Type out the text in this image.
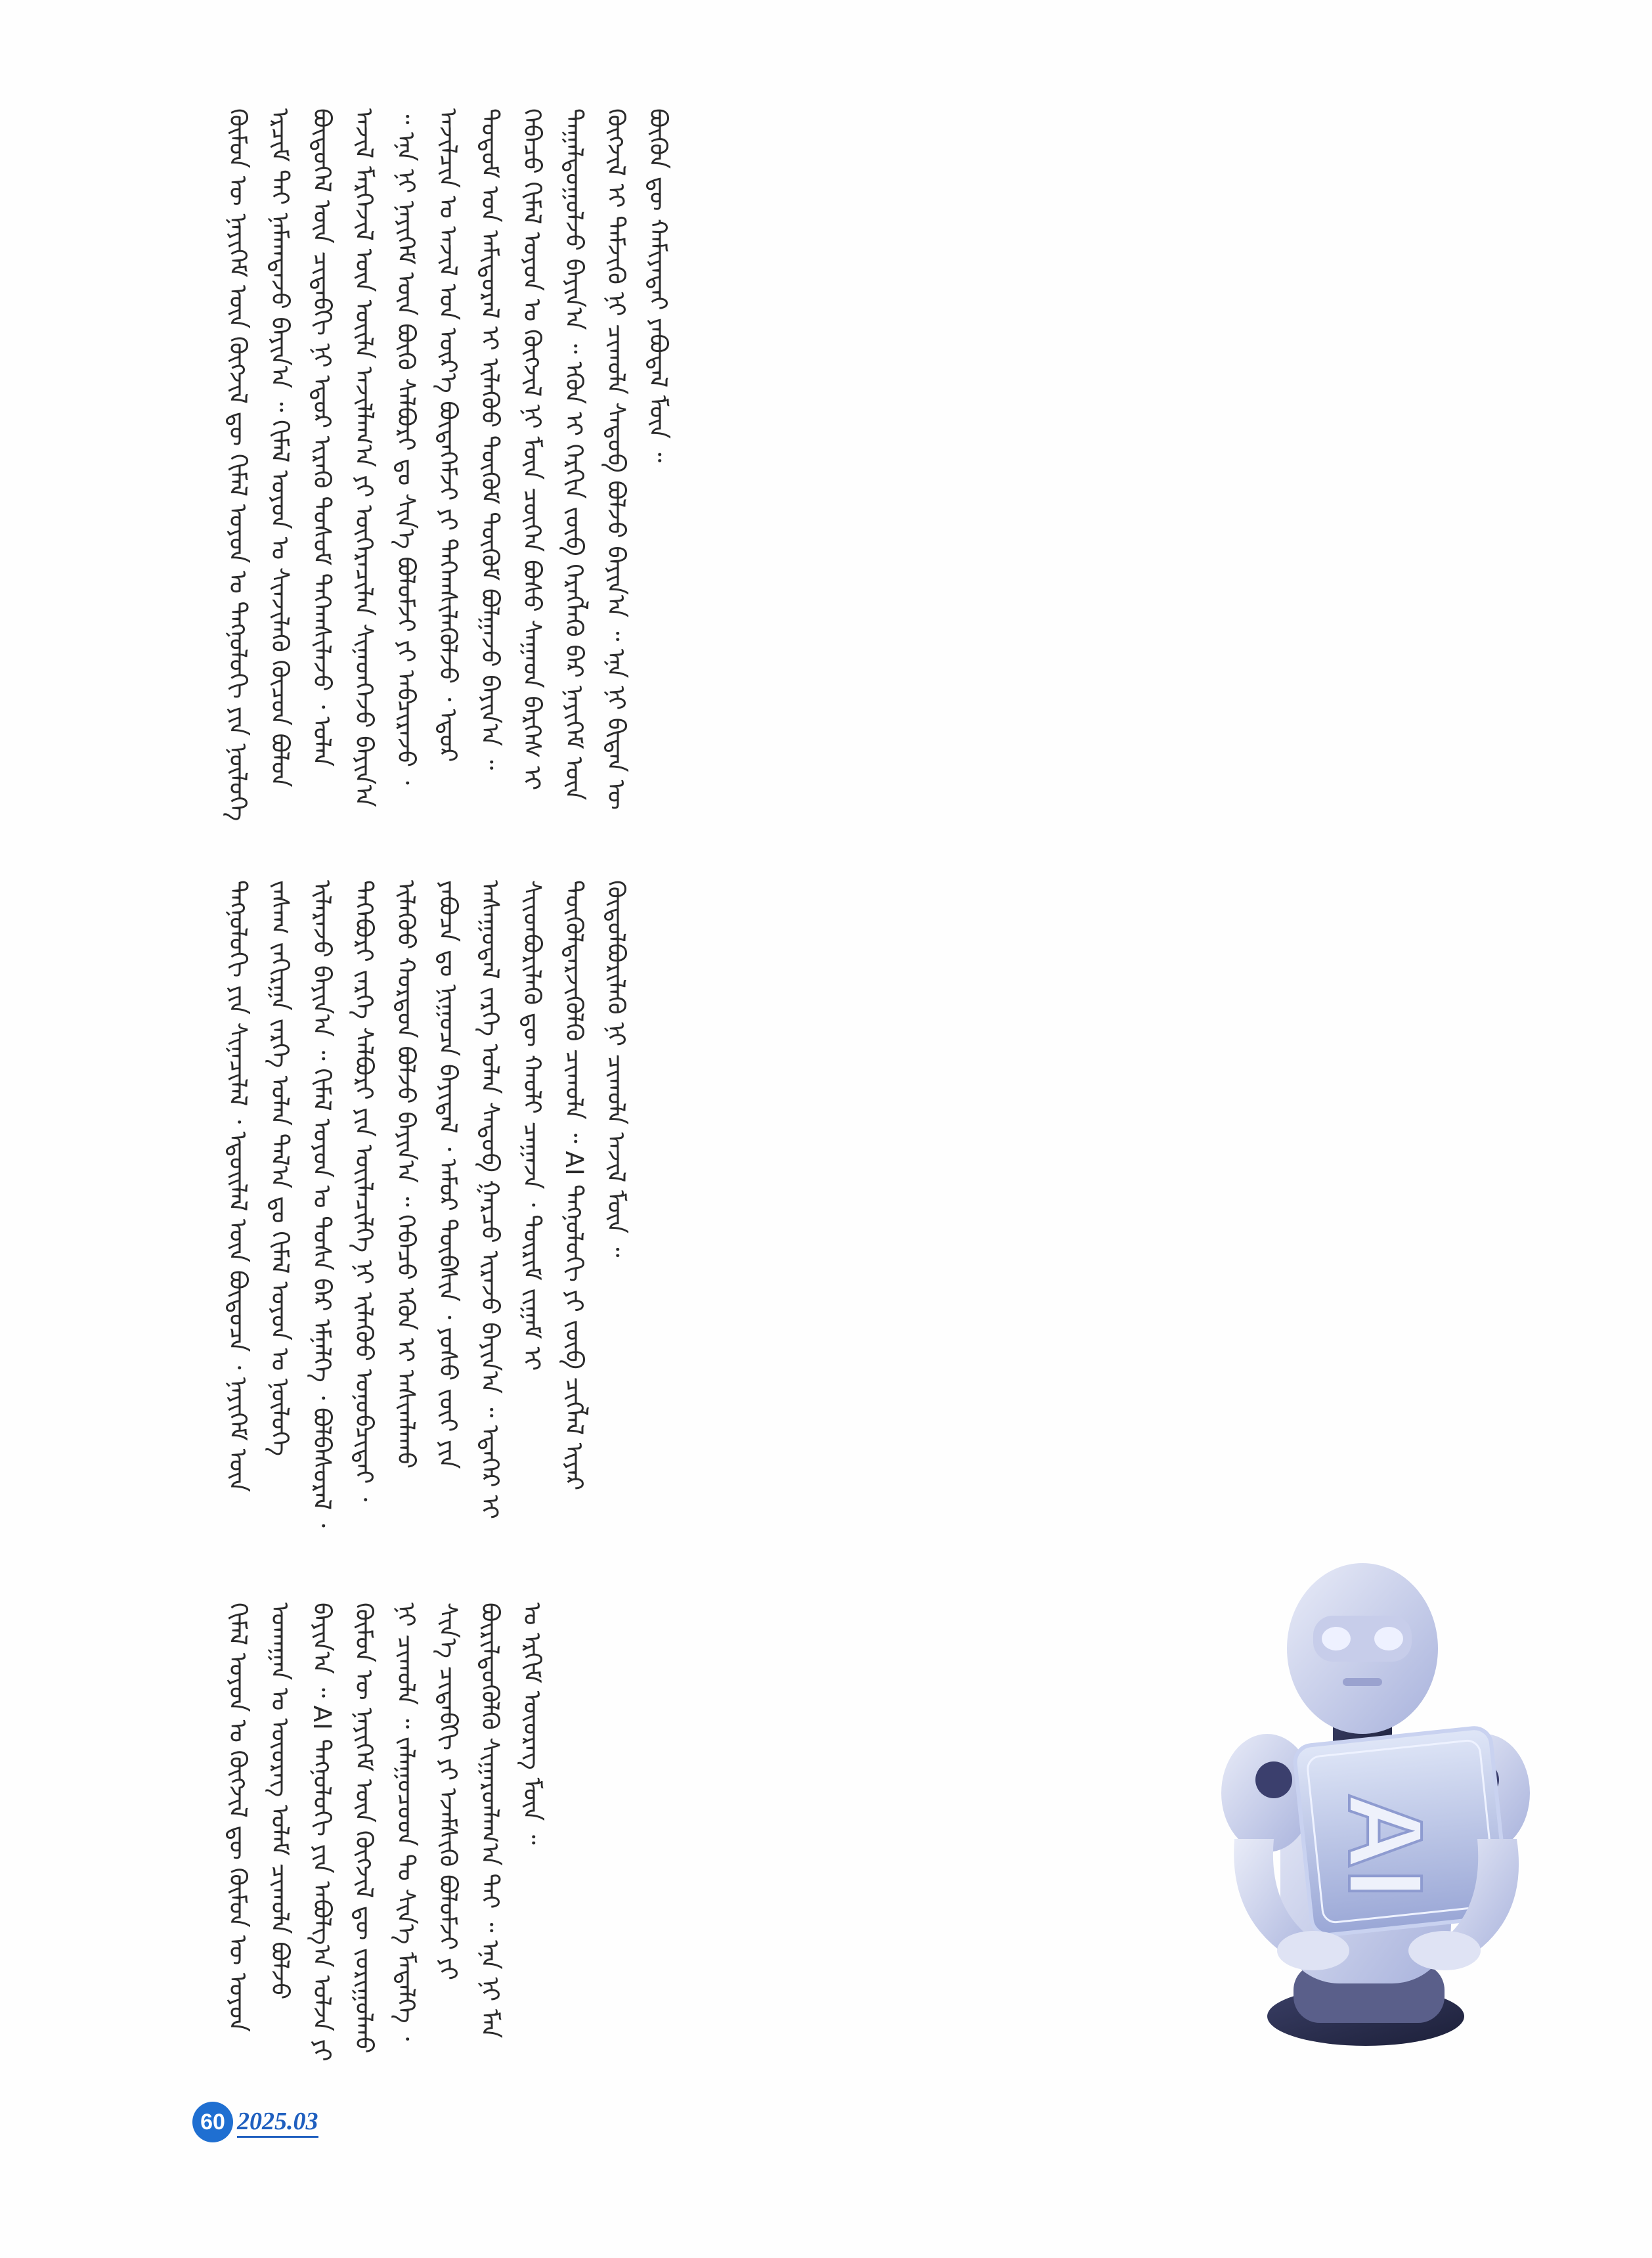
ᠬᠦᠮᠦᠨ ᠦ ᠨᠡᠶᠢᠭᠡᠮ ᠦᠨ ᠬᠥᠭᠵᠢᠯ ᠳᠦ ᠬᠢᠮᠡᠯ ᠣᠶᠤᠨ ᠤ ᠲᠡᠭᠨᠣᠯᠣᠭᠢ ᠶᠢᠨ ᠨᠥᠯᠦᠭᠡ ᠡᠷᠴᠢᠮ ᠲᠡᠢ ᠨᠡᠮᠡᠭ᠍ᠳᠡᠵᠦ ᠪᠠᠶᠢᠨ᠎ᠠ ᠃ ᠬᠢᠮᠡᠯ ᠣᠶᠤᠨ ᠤ ᠰᠢᠨᠵᠢᠯᠡᠬᠦ ᠬᠦᠴᠦᠨ ᠪᠣᠯᠤᠨ ᠪᠦᠲᠦᠭᠡᠯ ᠦᠨ ᠴᠢᠳᠠᠪᠬᠢ ᠨᠢ ᠡᠳᠦᠷ ᠢᠷᠡᠬᠦ ᠲᠤᠰᠤᠮ ᠳᠡᠭᠡᠭ᠍ᠰᠢᠯᠡᠵᠦ ᠂ ᠣᠯᠠᠨ ᠠᠵᠢᠯ ᠮᠡᠷᠭᠡᠵᠢᠯ ᠦᠨ ᠦᠢᠯᠡ ᠠᠵᠢᠯᠯᠠᠭ᠎ᠠ ᠶᠢ ᠥᠭᠡᠷᠡᠴᠢᠯᠡᠨ ᠰᠢᠨᠡᠳᠭᠡᠵᠦ ᠪᠠᠶᠢᠨ᠎ᠠ ᠃ ᠡᠨᠡ ᠨᠢ ᠨᠡᠶᠢᠭᠡᠮ ᠦᠨ ᠪᠦᠬᠦ ᠰᠠᠯᠪᠤᠷᠢ ᠳᠤ ᠰᠢᠨ᠎ᠡ ᠪᠣᠯᠤᠮᠵᠢ ᠶᠢ ᠠᠪᠴᠢᠷᠠᠵᠤ ᠂ ᠠᠵᠢᠯᠴᠢᠨ ᠤ ᠠᠵᠢᠯ ᠤᠨ ᠦᠷ᠎ᠡ ᠪᠦᠲᠡᠭᠡᠮᠵᠢ ᠶᠢ ᠳᠡᠭᠡᠭ᠍ᠰᠢᠯᠡᠭᠦᠯᠵᠦ ᠂ ᠡᠳᠦᠷ ᠲᠤᠲᠤᠮ ᠤᠨ ᠠᠮᠢᠳᠤᠷᠠᠯ ᠢ ᠢᠯᠡᠭᠦᠦ ᠳᠥᠭᠥᠮ ᠳᠥᠬᠥᠮ ᠪᠣᠯᠭᠠᠵᠤ ᠪᠠᠶᠢᠨ᠎ᠠ ᠃ ᠭᠡᠪᠡᠴᠦ ᠬᠢᠮᠡᠯ ᠣᠶᠤᠨ ᠤ ᠬᠥᠭᠵᠢᠯ ᠨᠢ ᠮᠥᠨ ᠴᠥᠭᠡᠨ ᠪᠤᠰᠤ ᠰᠠᠭᠠᠳ ᠪᠡᠷᠬᠡᠰ ᠢ ᠳᠠᠭᠠᠯᠳᠤᠭᠤᠯᠵᠤ ᠪᠠᠶᠢᠨ᠎ᠠ ᠃ ᠡᠭᠦᠨ ᠢ ᠬᠡᠷᠬᠢᠨ ᠵᠥᠪ ᠬᠡᠷᠡᠭᠯᠡᠬᠦ ᠪᠡᠷ ᠨᠡᠶᠢᠭᠡᠮ ᠦᠨ ᠬᠥᠭᠵᠢᠯ ᠢ ᠳᠡᠮᠵᠢᠬᠦ ᠨᠢ ᠴᠢᠬᠤᠯᠠ ᠰᠡᠳᠦᠪ ᠪᠣᠯᠵᠤ ᠪᠠᠶᠢᠨ᠎ᠠ ᠃ ᠡᠨᠡ ᠨᠢ ᠪᠢᠳᠡᠨ ᠦ ᠪᠦᠬᠦᠨ ᠳᠦ ᠬᠠᠮᠢᠶᠠᠲᠠᠢ ᠶᠠᠪᠤᠳᠠᠯ ᠮᠥᠨ ᠃

ᠲᠡᠭᠨᠣᠯᠣᠭᠢ ᠶᠢᠨ ᠰᠢᠨᠡᠴᠢᠯᠡᠯ ᠂ ᠡᠳᠦᠢᠯᠡᠯ ᠦᠨ ᠪᠦᠲᠦᠴᠡ ᠂ ᠨᠡᠶᠢᠭᠡᠮ ᠦᠨ ᠵᠠᠰᠠᠭ ᠵᠠᠬᠢᠷᠭᠠ ᠵᠡᠷᠭᠡ ᠣᠯᠠᠨ ᠲᠠᠯ᠎ᠠ ᠳᠤ ᠬᠢᠮᠡᠯ ᠣᠶᠤᠨ ᠤ ᠨᠥᠯᠦᠭᠡ ᠢᠯᠡᠷᠡᠵᠦ ᠪᠠᠶᠢᠨ᠎ᠠ ᠃ ᠬᠢᠮᠡᠯ ᠣᠶᠤᠨ ᠤ ᠲᠤᠰᠠ ᠪᠡᠷ ᠡᠮᠨᠡᠯᠭᠡ ᠂ ᠪᠣᠯᠪᠠᠰᠤᠷᠠᠯ ᠂ ᠲᠡᠭᠡᠪᠦᠷᠢ ᠵᠡᠷᠭᠡ ᠰᠠᠯᠪᠤᠷᠢ ᠶᠢᠨ ᠦᠢᠯᠡᠴᠢᠯᠭᠡ ᠨᠢ ᠢᠯᠡᠭᠦᠦ ᠣᠨᠣᠪᠴᠢᠲᠠᠢ ᠂ ᠢᠯᠡᠭᠦᠦ ᠬᠤᠷᠳᠤᠨ ᠪᠣᠯᠵᠤ ᠪᠠᠶᠢᠨ᠎ᠠ ᠃ ᠭᠡᠪᠡᠴᠦ ᠡᠭᠦᠨ ᠢ ᠠᠰᠢᠭᠯᠠᠬᠤ ᠶᠠᠪᠤᠴᠠ ᠳᠤ ᠨᠢᠭᠤᠴᠠ ᠪᠠᠶᠢᠳᠠᠯ ᠂ ᠠᠮᠤᠷ ᠲᠦᠪᠰᠢᠨ ᠂ ᠶᠣᠰᠤ ᠵᠦᠢ ᠶᠢᠨ ᠠᠰᠠᠭᠤᠳᠠᠯ ᠵᠡᠷᠭᠡ ᠣᠯᠠᠨ ᠰᠡᠳᠦᠪ ᠭᠠᠷᠴᠤ ᠢᠷᠡᠵᠦ ᠪᠠᠶᠢᠨ᠎ᠠ ᠃ ᠡᠳᠡᠭᠡᠷ ᠢ ᠰᠢᠢᠳᠪᠦᠷᠢᠯᠡᠬᠦ ᠳᠦ ᠬᠠᠤᠯᠢ ᠴᠠᠭᠠᠵᠠ ᠂ ᠳᠦᠷᠢᠮ ᠵᠢᠭᠠᠮ ᠢ ᠲᠥᠭᠥᠯᠳᠡᠷᠵᠢᠭᠦᠯᠬᠦ ᠴᠢᠬᠤᠯᠠ ᠃ AI ᠲᠡᠭᠨᠣᠯᠣᠭᠢ ᠶᠢ ᠵᠥᠪ ᠴᠢᠭᠯᠡᠯ ᠢᠶᠡᠷ ᠬᠥᠲᠦᠯᠪᠦᠷᠢᠯᠡᠬᠦ ᠨᠢ ᠴᠢᠬᠤᠯᠠ ᠠᠵᠢᠯ ᠮᠥᠨ ᠃

ᠬᠢᠮᠡᠯ ᠣᠶᠤᠨ ᠤ ᠬᠥᠭᠵᠢᠯ ᠳᠦ ᠬᠦᠮᠦᠨ ᠦ ᠣᠶᠤᠨ ᠤᠬᠠᠭᠠᠨ ᠤ ᠦᠦᠷᠡᠭ ᠤᠯᠠᠮ ᠴᠢᠬᠤᠯᠠ ᠪᠣᠯᠵᠤ ᠪᠠᠶᠢᠨ᠎ᠠ ᠃ AI ᠲᠡᠭᠨᠣᠯᠣᠭᠢ ᠶᠢᠨ ᠠᠪᠤᠯᠭ᠎ᠠ ᠣᠯᠵᠠ ᠶᠢ ᠬᠦᠮᠦᠨ ᠦ ᠨᠡᠶᠢᠭᠡᠮ ᠦᠨ ᠬᠥᠭᠵᠢᠯ ᠳᠦ ᠵᠣᠷᠢᠭᠤᠯᠬᠤ ᠨᠢ ᠴᠢᠬᠤᠯᠠ ᠃ ᠵᠠᠯᠠᠭᠤᠴᠤᠳ ᠲᠤ ᠰᠢᠨ᠎ᠡ ᠮᠡᠳᠡᠯᠭᠡ ᠂ ᠰᠢᠨ᠎ᠡ ᠴᠢᠳᠠᠪᠬᠢ ᠶᠢ ᠡᠵᠡᠮᠰᠢᠬᠦ ᠪᠣᠯᠤᠮᠵᠢ ᠶᠢ ᠪᠦᠷᠢᠯᠳᠦᠭᠦᠯᠬᠦ ᠰᠢᠭᠠᠷᠳᠯᠠᠭ᠎ᠠ ᠲᠠᠢ ᠃ ᠡᠨᠡ ᠨᠢ ᠮᠠᠨ ᠤ ᠡᠷᠬᠢᠮ ᠦᠦᠷᠡᠭ ᠮᠥᠨ ᠃

AI
60 2025.03
